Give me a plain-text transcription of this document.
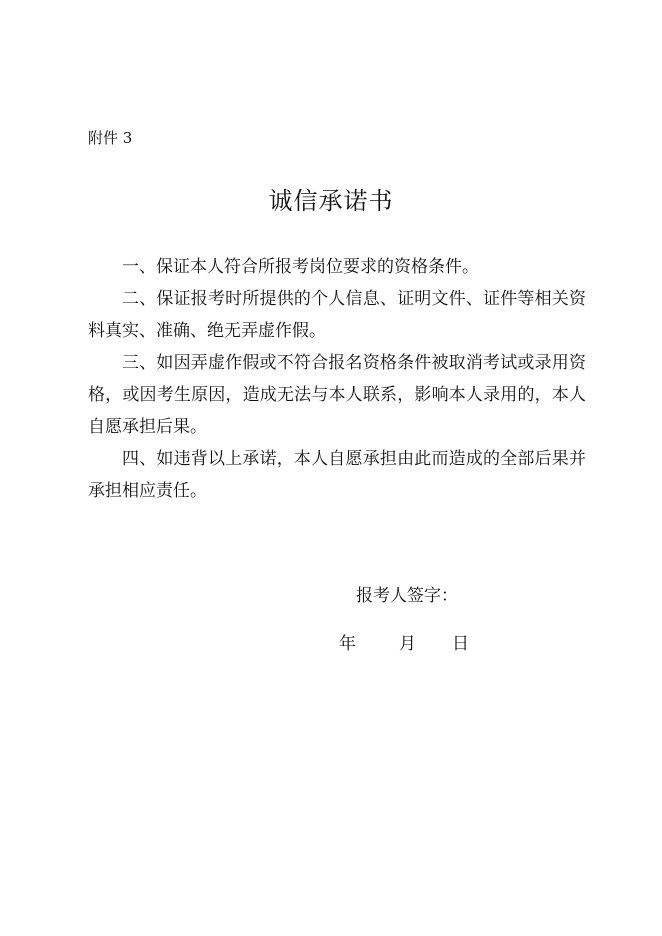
附件 3
诚信承诺书

一、保证本人符合所报考岗位要求的资格条件。

二、保证报考时所提供的个人信息、证明文件、证件等相关资料真实、准确、绝无弄虚作假。

三、如因弄虚作假或不符合报名资格条件被取消考试或录用资格，或因考生原因，造成无法与本人联系，影响本人录用的，本人自愿承担后果。

四、如违背以上承诺，本人自愿承担由此而造成的全部后果并承担相应责任。

报考人签字：
年	月 日
